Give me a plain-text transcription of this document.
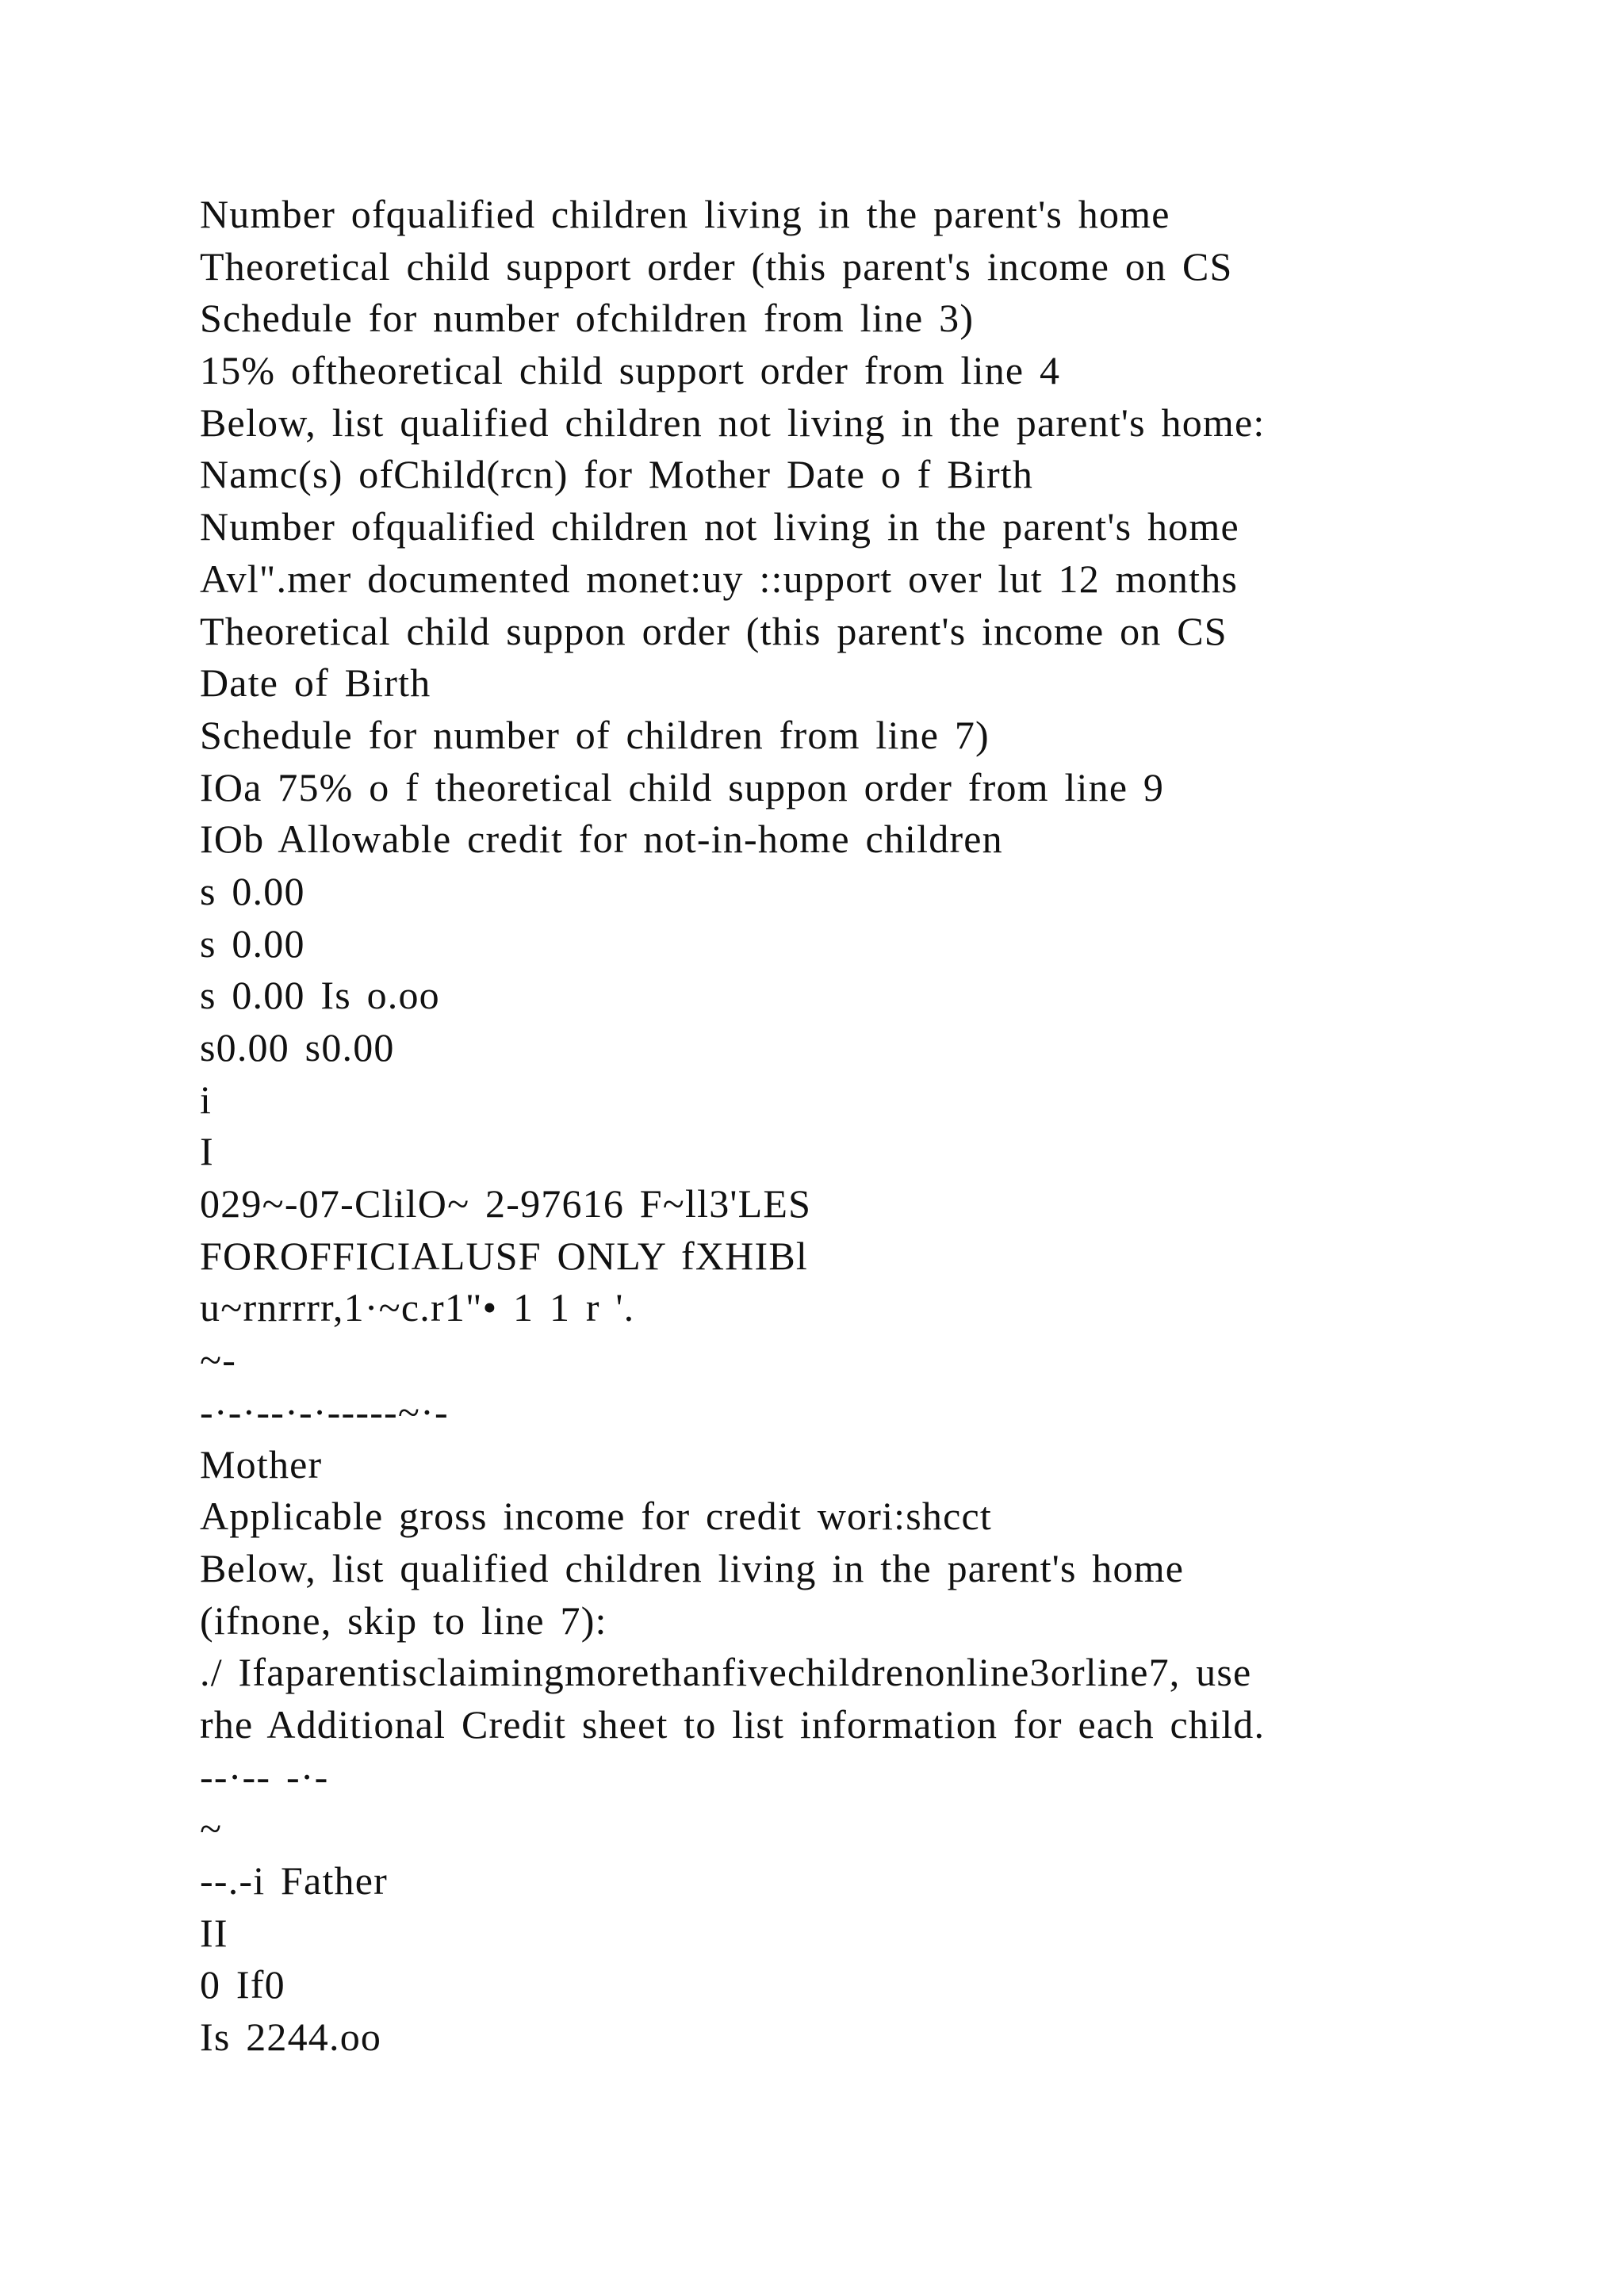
Number ofqualified children living in the parent's home
Theoretical child support order (this parent's income on CS
Schedule for number ofchildren from line 3)
15% oftheoretical child support order from line 4
Below, list qualified children not living in the parent's home:
Namc(s) ofChild(rcn) for Mother Date o f Birth
Number ofqualified children not living in the parent's home
Avl".mer documented monet:uy ::upport over lut 12 months
Theoretical child suppon order (this parent's income on CS
Date of Birth
Schedule for number of children from line 7)
IOa 75% o f theoretical child suppon order from line 9
IOb Allowable credit for not-in-home children
s 0.00
s 0.00
s 0.00 Is o.oo
s0.00 s0.00
i
I
029~-07-ClilO~ 2-97616 F~ll3'LES
FOROFFICIALUSF ONLY fXHIBl
u~rnrrrr,1·~c.r1"• 1 1 r '.
~-
-·-·--·-·-----~·-
Mother
Applicable gross income for credit wori:shcct
Below, list qualified children living in the parent's home
(ifnone, skip to line 7):
./ Ifaparentisclaimingmorethanfivechildrenonline3orline7, use
rhe Additional Credit sheet to list information for each child.
--·-- -·-
~
--.-i Father
II
0 If0
Is 2244.oo
